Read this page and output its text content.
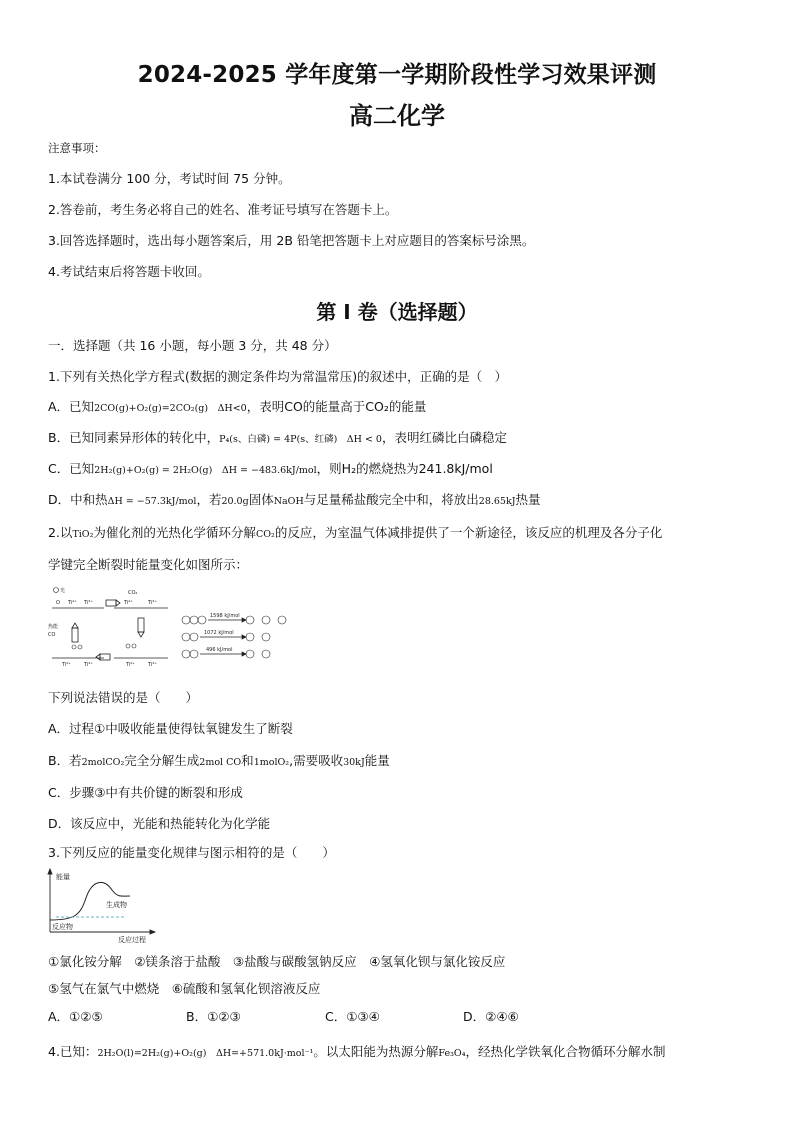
2024-2025 学年度第一学期阶段性学习效果评测
高二化学
注意事项：
1.本试卷满分 100 分，考试时间 75 分钟。
2.答卷前，考生务必将自己的姓名、准考证号填写在答题卡上。
3.回答选择题时，选出每小题答案后，用 2B 铅笔把答题卡上对应题目的答案标号涂黑。
4.考试结束后将答题卡收回。
第 I 卷（选择题）
一．选择题（共 16 小题，每小题 3 分，共 48 分）
1.下列有关热化学方程式(数据的测定条件均为常温常压)的叙述中，正确的是（　）
A．已知2CO(g)+O₂(g)=2CO₂(g)　ΔH<0，表明CO的能量高于CO₂的能量
B．已知同素异形体的转化中，P₄(s、白磷) = 4P(s、红磷)　ΔH < 0，表明红磷比白磷稳定
C．已知2H₂(g)+O₂(g) = 2H₂O(g)　ΔH = −483.6kJ/mol，则H₂的燃烧热为241.8kJ/mol
D．中和热ΔH = −57.3kJ/mol，若20.0g固体NaOH与足量稀盐酸完全中和，将放出28.65kJ热量
2.以TiO₂为催化剂的光热化学循环分解CO₂的反应，为室温气体减排提供了一个新途径，该反应的机理及各分子化
学键完全断裂时能量变化如图所示：
O Ti⁴⁺ Ti³⁺
CO₂
Ti⁴⁺	Ti³⁺
热能
CO
Ti⁴⁺	Ti³⁺	Ti⁴⁺	Ti³⁺
光
1598 kJ/mol
1072 kJ/mol
496 kJ/mol
下列说法错误的是（　　）
A．过程①中吸收能量使得钛氧键发生了断裂
B．若2molCO₂完全分解生成2mol CO和1molO₂,需要吸收30kJ能量
C．步骤③中有共价键的断裂和形成
D．该反应中，光能和热能转化为化学能
3.下列反应的能量变化规律与图示相符的是（　　）
能量
生成物
反应物
反应过程
①氯化铵分解　②镁条溶于盐酸　③盐酸与碳酸氢钠反应　④氢氧化钡与氯化铵反应
⑤氢气在氯气中燃烧　⑥硫酸和氢氧化钡溶液反应
A．①②⑤	B．①②③	C．①③④	D．②④⑥
4.已知：2H₂O(l)=2H₂(g)+O₂(g)　ΔH=+571.0kJ·mol⁻¹。以太阳能为热源分解Fe₃O₄，经热化学铁氧化合物循环分解水制
